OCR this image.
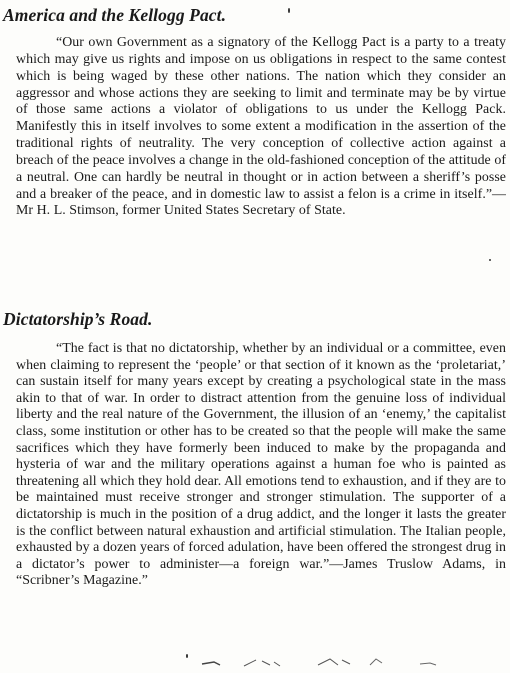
America and the Kellogg Pact.

“Our own Government as a signatory of the Kellogg Pact is a party to a treaty which may give us rights and impose on us obligations in respect to the same contest which is being waged by these other nations. The nation which they consider an aggressor and whose actions they are seeking to limit and terminate may be by virtue of those same actions a violator of obligations to us under the Kellogg Pack. Manifestly this in itself involves to some extent a modification in the assertion of the traditional rights of neutrality. The very conception of collective action against a breach of the peace involves a change in the old-fashioned conception of the attitude of a neutral. One can hardly be neutral in thought or in action between a sheriff’s posse and a breaker of the peace, and in domestic law to assist a felon is a crime in itself.”—Mr H. L. Stimson, former United States Secretary of State.

Dictatorship’s Road.

“The fact is that no dictatorship, whether by an individual or a committee, even when claiming to represent the ‘people’ or that section of it known as the ‘proletariat,’ can sustain itself for many years except by creating a psychological state in the mass akin to that of war. In order to distract attention from the genuine loss of individual liberty and the real nature of the Government, the illusion of an ‘enemy,’ the capitalist class, some institution or other has to be created so that the people will make the same sacrifices which they have formerly been induced to make by the propaganda and hysteria of war and the military operations against a human foe who is painted as threatening all which they hold dear. All emotions tend to exhaustion, and if they are to be maintained must receive stronger and stronger stimulation. The supporter of a dictatorship is much in the position of a drug addict, and the longer it lasts the greater is the conflict between natural exhaustion and artificial stimulation. The Italian people, exhausted by a dozen years of forced adulation, have been offered the strongest drug in a dictator’s power to administer—a foreign war.”—James Truslow Adams, in “Scribner’s Magazine.”
